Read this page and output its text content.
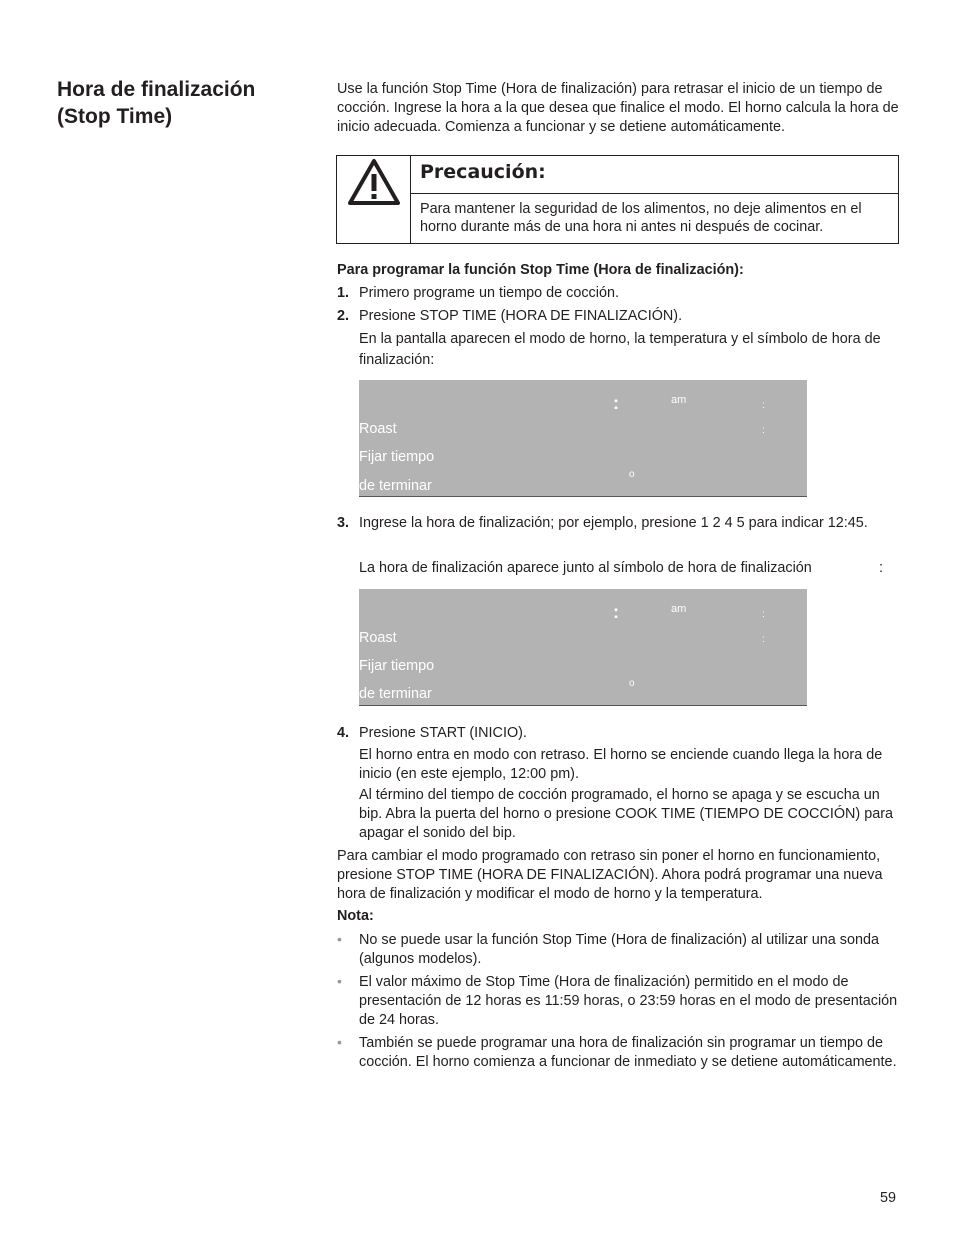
Hora de finalización
(Stop Time)
Use la función Stop Time (Hora de finalización) para retrasar el inicio de un tiempo de cocción. Ingrese la hora a la que desea que finalice el modo. El horno calcula la hora de inicio adecuada. Comienza a funcionar y se detiene automáticamente.
Precaución:
Para mantener la seguridad de los alimentos, no deje alimentos en el horno durante más de una hora ni antes ni después de cocinar.
Para programar la función Stop Time (Hora de finalización):
1. Primero programe un tiempo de cocción.
2. Presione STOP TIME (HORA DE FINALIZACIÓN).
En la pantalla aparecen el modo de horno, la temperatura y el símbolo de hora de finalización:
:	am	:
:
Roast
Fijar tiempo
de terminar
o
3. Ingrese la hora de finalización; por ejemplo, presione 1 2 4 5 para indicar 12:45.
La hora de finalización aparece junto al símbolo de hora de finalización	:
:	am	:
:
Roast
Fijar tiempo
de terminar
o
4. Presione START (INICIO).
El horno entra en modo con retraso. El horno se enciende cuando llega la hora de inicio (en este ejemplo, 12:00 pm).
Al término del tiempo de cocción programado, el horno se apaga y se escucha un bip. Abra la puerta del horno o presione COOK TIME (TIEMPO DE COCCIÓN) para apagar el sonido del bip.
Para cambiar el modo programado con retraso sin poner el horno en funcionamiento, presione STOP TIME (HORA DE FINALIZACIÓN). Ahora podrá programar una nueva hora de finalización y modificar el modo de horno y la temperatura.
Nota:
• No se puede usar la función Stop Time (Hora de finalización) al utilizar una sonda (algunos modelos).
• El valor máximo de Stop Time (Hora de finalización) permitido en el modo de presentación de 12 horas es 11:59 horas, o 23:59 horas en el modo de presentación de 24 horas.
• También se puede programar una hora de finalización sin programar un tiempo de cocción. El horno comienza a funcionar de inmediato y se detiene automáticamente.
59
